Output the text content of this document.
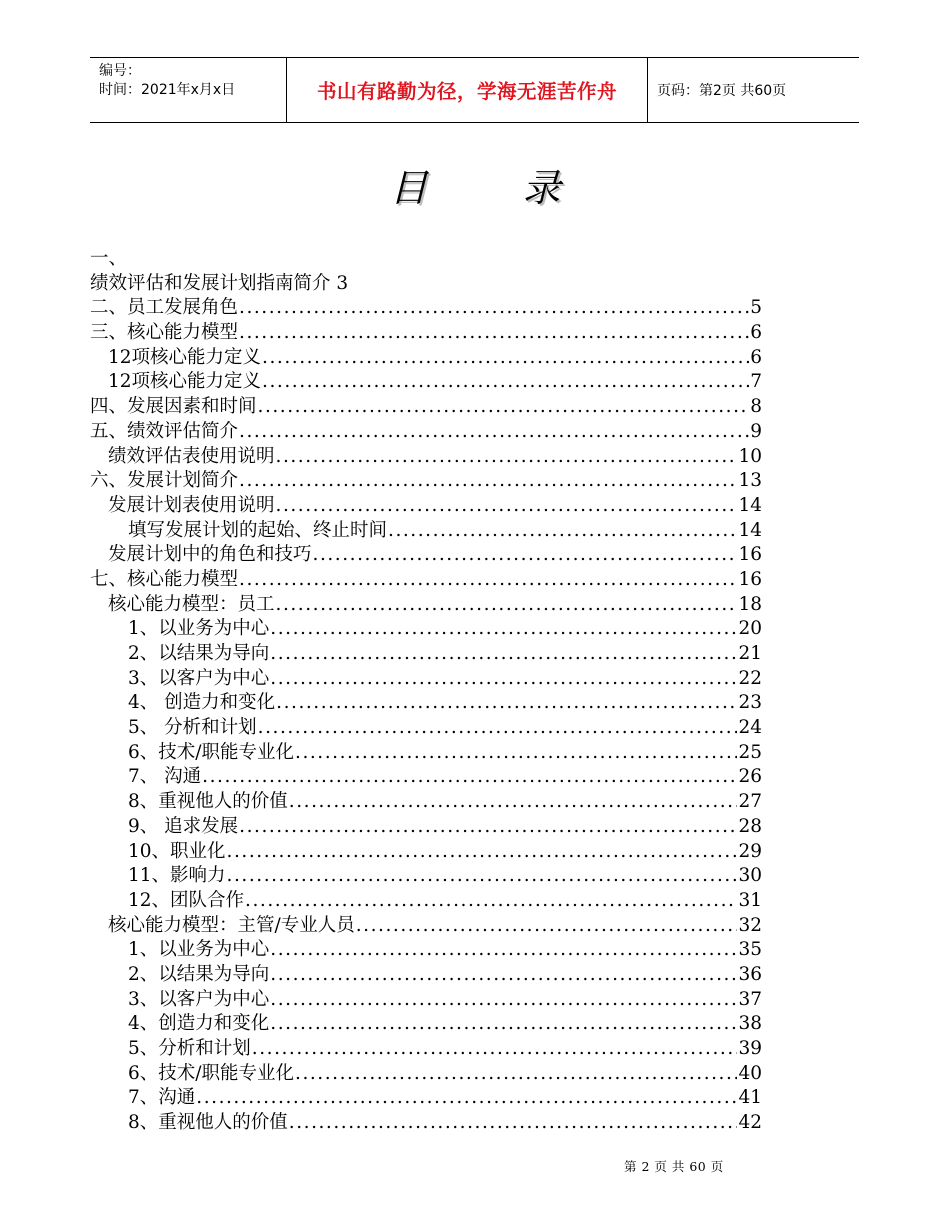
编号：
时间：2021年x月x日	书山有路勤为径，学海无涯苦作舟	页码：第2页 共60页
目	录
一、
绩效评估和发展计划指南简介 3
二、员工发展角色 .....	5
三、核心能力模型 .....	6
12项核心能力定义 .....	6
12项核心能力定义 .....	7
四、发展因素和时间 .....	8
五、绩效评估简介 .....	9
绩效评估表使用说明 .....	10
六、发展计划简介 .....	13
发展计划表使用说明 .....	14
填写发展计划的起始、终止时间 .....	14
发展计划中的角色和技巧 .....	16
七、核心能力模型 .....	16
核心能力模型：员工 .....	18
1、以业务为中心 .....	20
2、以结果为导向 .....	21
3、以客户为中心 .....	22
4、 创造力和变化 .....	23
5、 分析和计划 .....	24
6、技术/职能专业化 .....	25
7、 沟通 .....	26
8、重视他人的价值 .....	27
9、 追求发展 .....	28
10、职业化 .....	29
11、影响力 .....	30
12、团队合作 .....	31
核心能力模型：主管/专业人员 .....	32
1、以业务为中心 .....	35
2、以结果为导向 .....	36
3、以客户为中心 .....	37
4、创造力和变化 .....	38
5、分析和计划 .....	39
6、技术/职能专业化 .....	40
7、沟通 .....	41
8、重视他人的价值 .....	42
第 2 页 共 60 页
